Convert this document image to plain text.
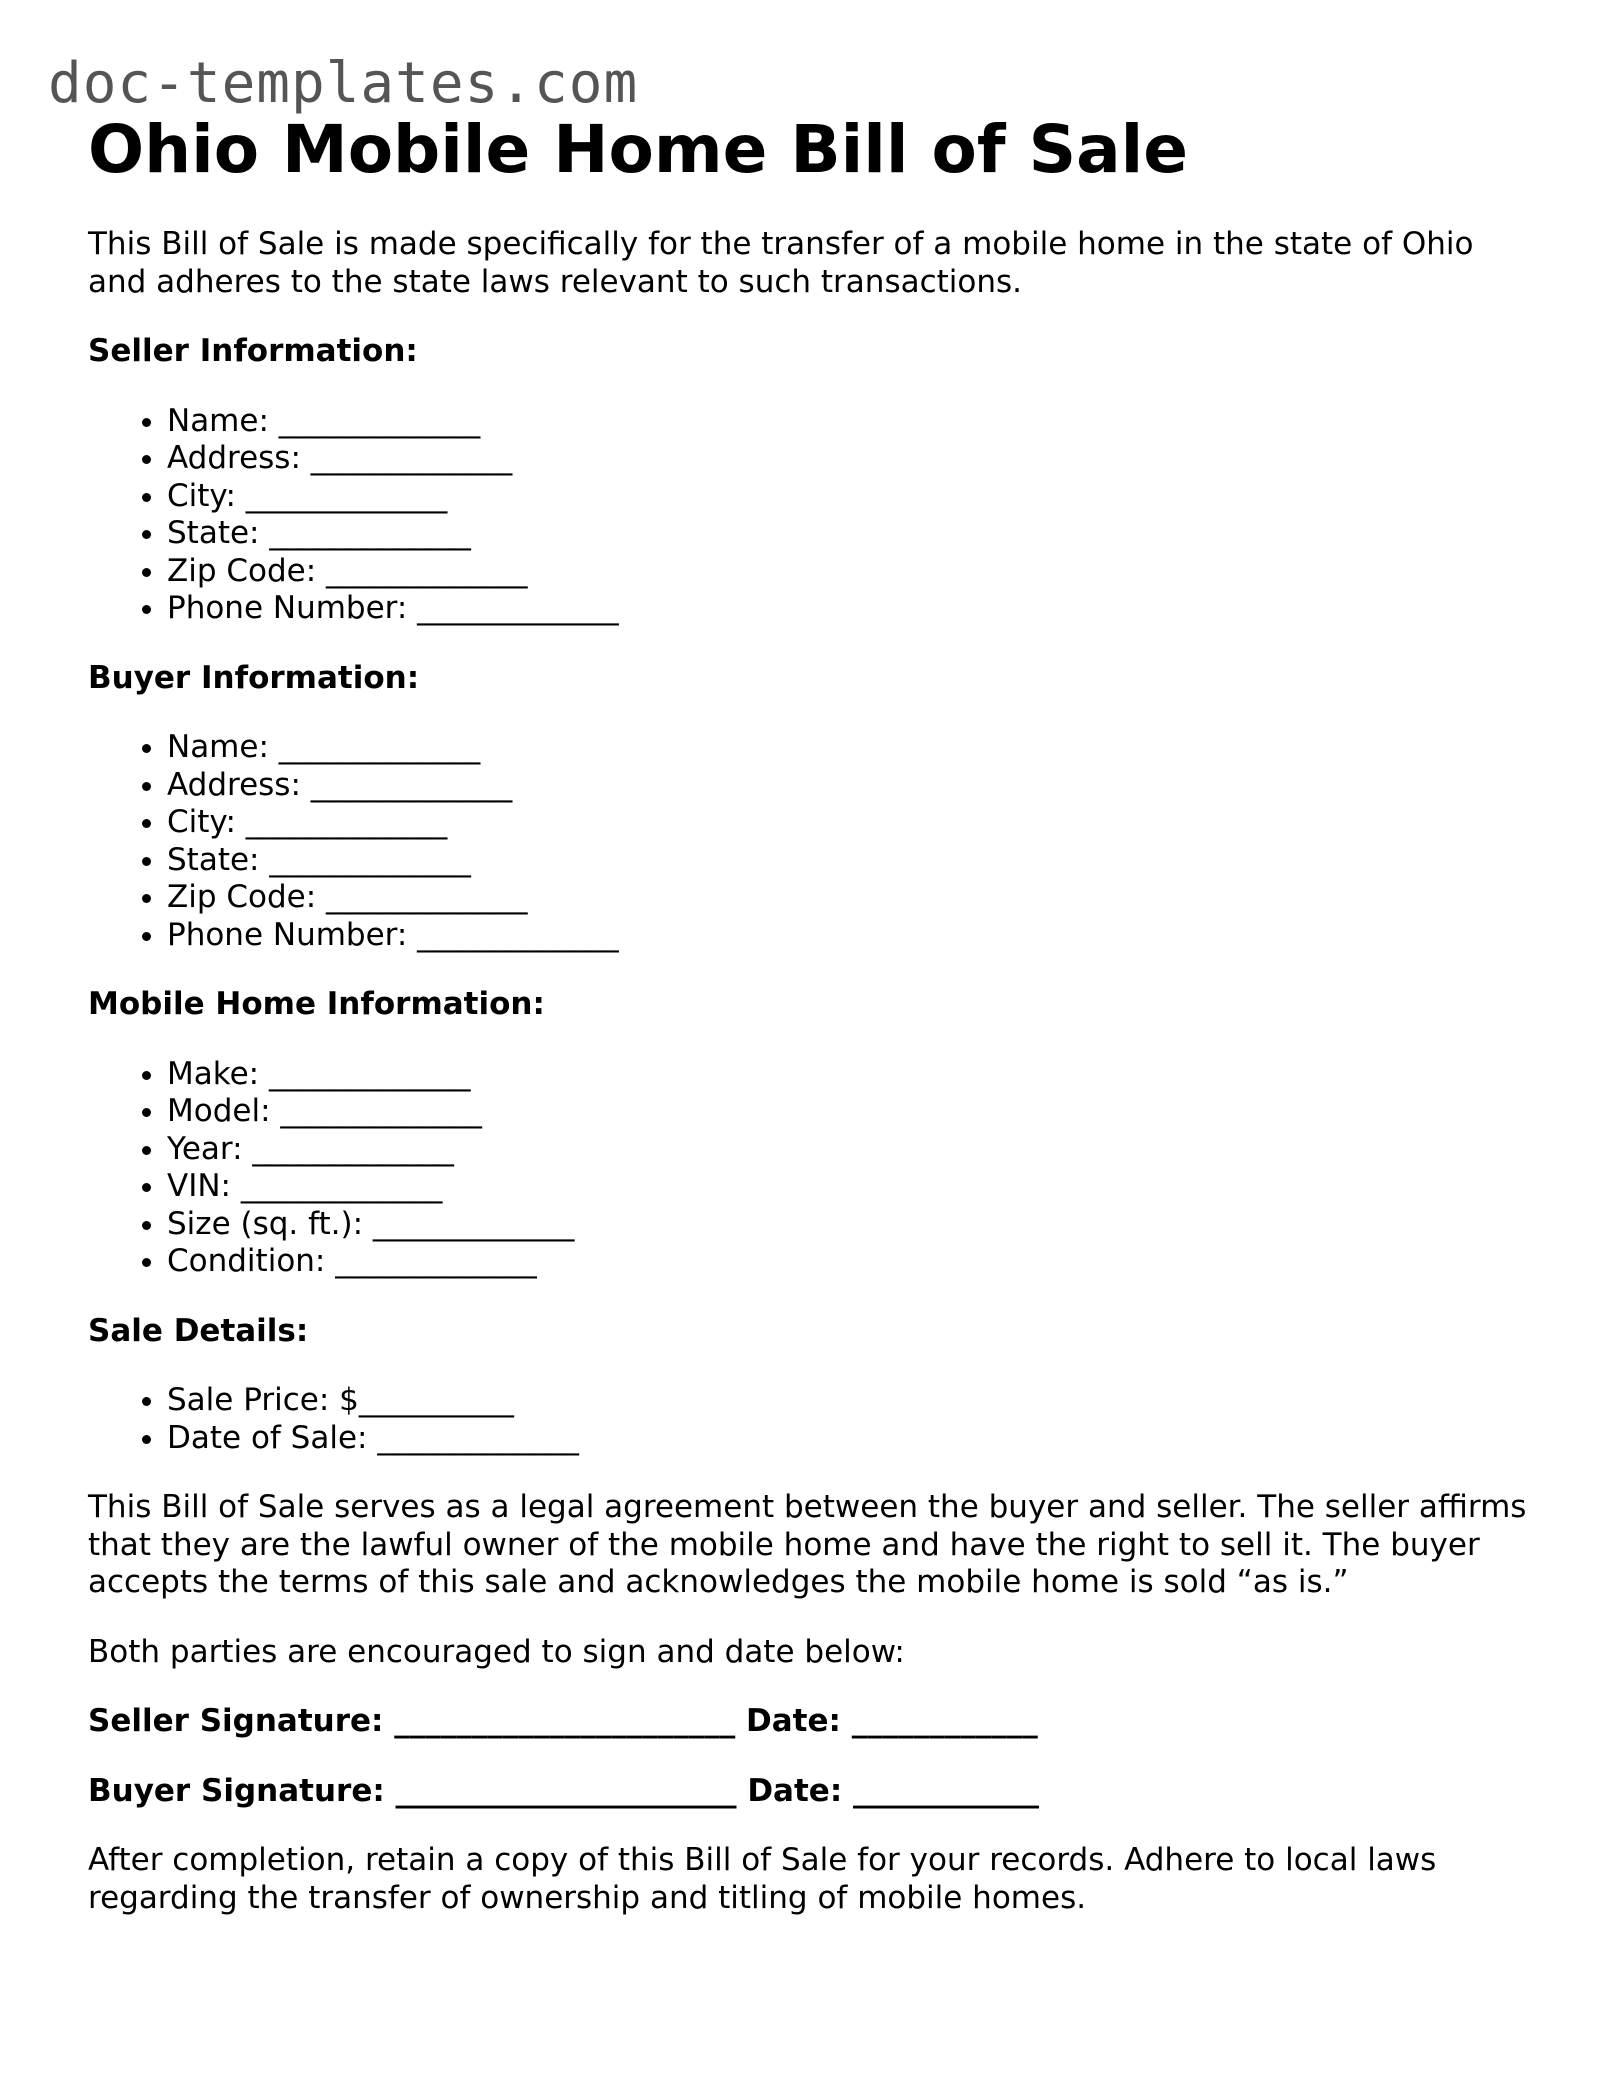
doc-templates.com
Ohio Mobile Home Bill of Sale

This Bill of Sale is made specifically for the transfer of a mobile home in the state of Ohio and adheres to the state laws relevant to such transactions.

Seller Information:
• Name: _____________
• Address: _____________
• City: _____________
• State: _____________
• Zip Code: _____________
• Phone Number: _____________
Buyer Information:
• Name: _____________
• Address: _____________
• City: _____________
• State: _____________
• Zip Code: _____________
• Phone Number: _____________
Mobile Home Information:
• Make: _____________
• Model: _____________
• Year: _____________
• VIN: _____________
• Size (sq. ft.): _____________
• Condition: _____________
Sale Details:
• Sale Price: $__________
• Date of Sale: _____________

This Bill of Sale serves as a legal agreement between the buyer and seller. The seller affirms that they are the lawful owner of the mobile home and have the right to sell it. The buyer accepts the terms of this sale and acknowledges the mobile home is sold “as is.”

Both parties are encouraged to sign and date below:

Seller Signature: ______________________ Date: ____________
Buyer Signature: ______________________ Date: ____________

After completion, retain a copy of this Bill of Sale for your records. Adhere to local laws regarding the transfer of ownership and titling of mobile homes.
